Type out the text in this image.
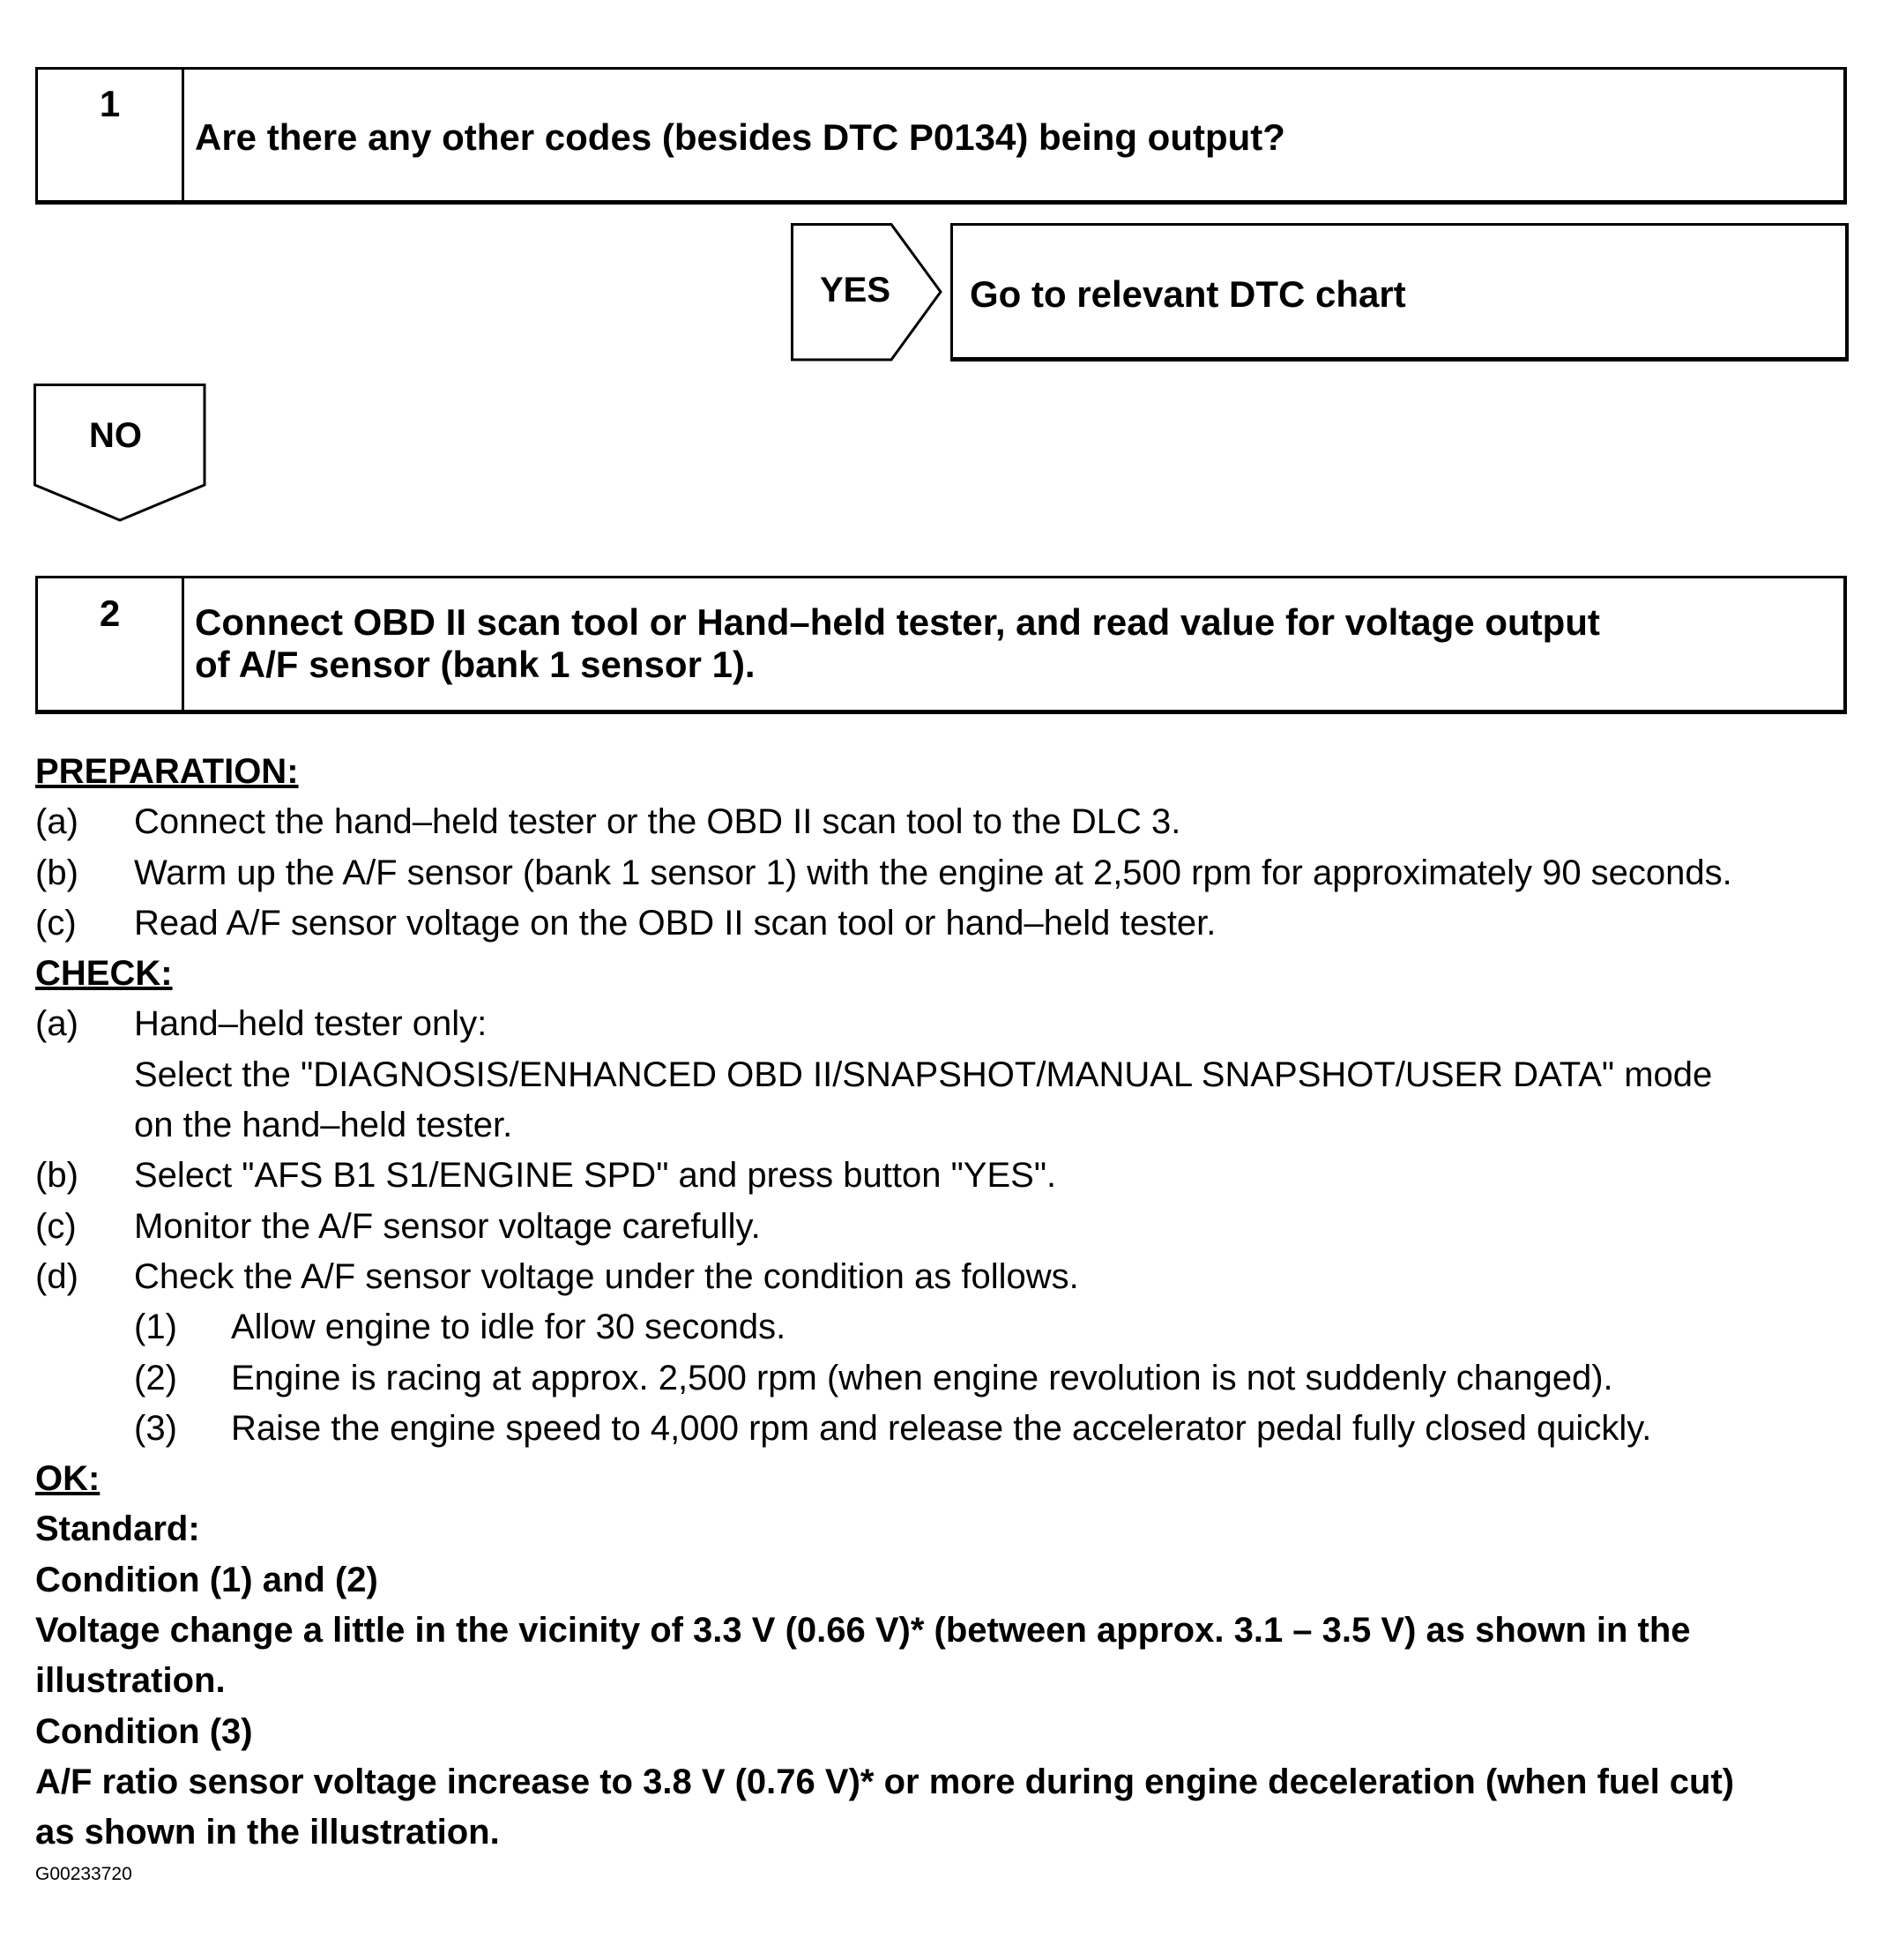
1
Are there any other codes (besides DTC P0134) being output?
YES Go to relevant DTC chart
NO
2	Connect OBD II scan tool or Hand–held tester, and read value for voltage output
of A/F sensor (bank 1 sensor 1).
PREPARATION:
(a) Connect the hand–held tester or the OBD II scan tool to the DLC 3.
(b) Warm up the A/F sensor (bank 1 sensor 1) with the engine at 2,500 rpm for approximately 90 seconds.
(c) Read A/F sensor voltage on the OBD II scan tool or hand–held tester.
CHECK:
(a) Hand–held tester only:
Select the "DIAGNOSIS/ENHANCED OBD II/SNAPSHOT/MANUAL SNAPSHOT/USER DATA" mode
on the hand–held tester.
(b) Select "AFS B1 S1/ENGINE SPD" and press button "YES".
(c) Monitor the A/F sensor voltage carefully.
(d) Check the A/F sensor voltage under the condition as follows.
(1) Allow engine to idle for 30 seconds.
(2) Engine is racing at approx. 2,500 rpm (when engine revolution is not suddenly changed).
(3) Raise the engine speed to 4,000 rpm and release the accelerator pedal fully closed quickly.
OK:
Standard:
Condition (1) and (2)
Voltage change a little in the vicinity of 3.3 V (0.66 V)* (between approx. 3.1 – 3.5 V) as shown in the
illustration.
Condition (3)
A/F ratio sensor voltage increase to 3.8 V (0.76 V)* or more during engine deceleration (when fuel cut)
as shown in the illustration.
G00233720
